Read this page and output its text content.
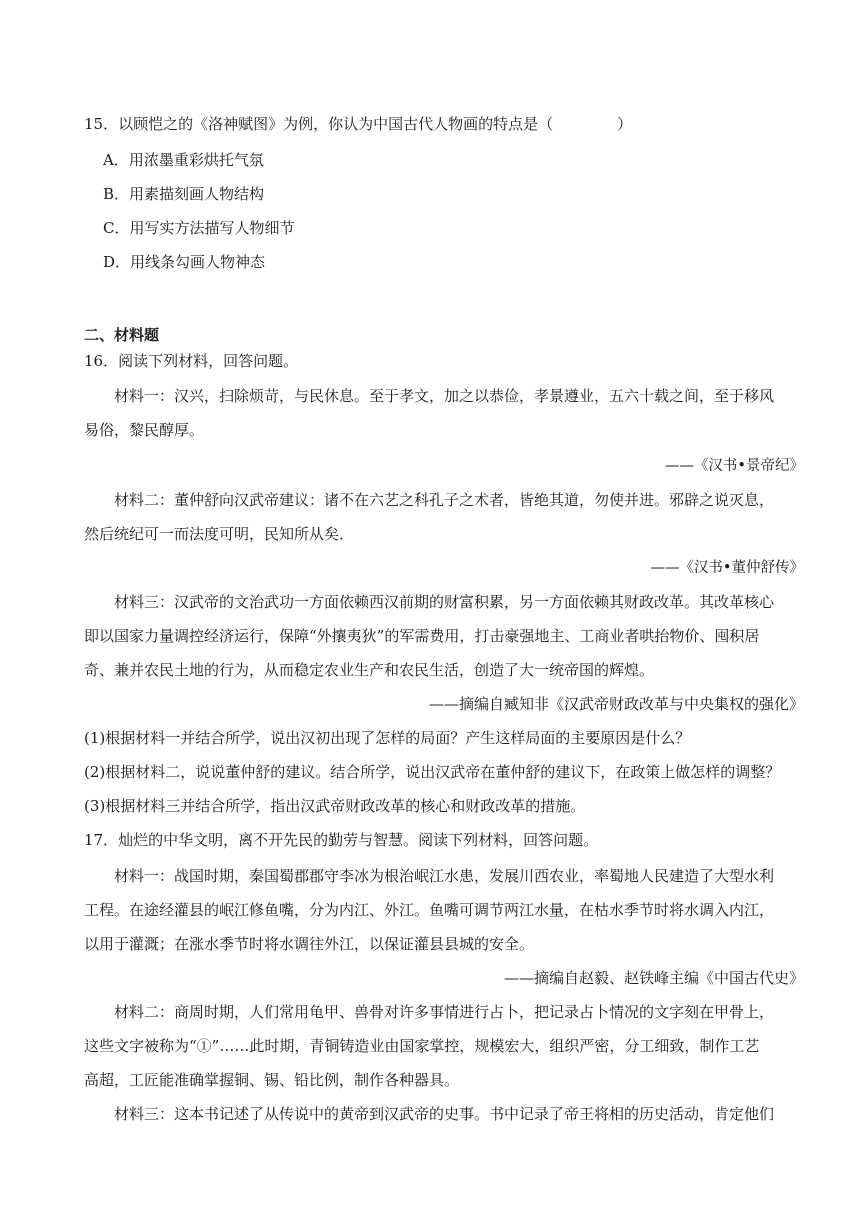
15．以顾恺之的《洛神赋图》为例，你认为中国古代人物画的特点是（	）
A．用浓墨重彩烘托气氛
B．用素描刻画人物结构
C．用写实方法描写人物细节
D．用线条勾画人物神态
二、材料题
16．阅读下列材料，回答问题。
材料一：汉兴，扫除烦苛，与民休息。至于孝文，加之以恭俭，孝景遵业，五六十载之间，至于移风
易俗，黎民醇厚。
——《汉书•景帝纪》
材料二：董仲舒向汉武帝建议：诸不在六艺之科孔子之术者，皆绝其道，勿使并进。邪辟之说灭息，
然后统纪可一而法度可明，民知所从矣．
——《汉书•董仲舒传》
材料三：汉武帝的文治武功一方面依赖西汉前期的财富积累，另一方面依赖其财政改革。其改革核心
即以国家力量调控经济运行，保障“外攘夷狄”的军需费用，打击豪强地主、工商业者哄抬物价、囤积居
奇、兼并农民土地的行为，从而稳定农业生产和农民生活，创造了大一统帝国的辉煌。
——摘编自臧知非《汉武帝财政改革与中央集权的强化》
(1)根据材料一并结合所学，说出汉初出现了怎样的局面？产生这样局面的主要原因是什么？
(2)根据材料二，说说董仲舒的建议。结合所学，说出汉武帝在董仲舒的建议下，在政策上做怎样的调整？
(3)根据材料三并结合所学，指出汉武帝财政改革的核心和财政改革的措施。
17．灿烂的中华文明，离不开先民的勤劳与智慧。阅读下列材料，回答问题。
材料一：战国时期，秦国蜀郡郡守李冰为根治岷江水患，发展川西农业，率蜀地人民建造了大型水利
工程。在途经灌县的岷江修鱼嘴，分为内江、外江。鱼嘴可调节两江水量，在枯水季节时将水调入内江，
以用于灌溉；在涨水季节时将水调往外江，以保证灌县县城的安全。
——摘编自赵毅、赵铁峰主编《中国古代史》
材料二：商周时期，人们常用龟甲、兽骨对许多事情进行占卜，把记录占卜情况的文字刻在甲骨上，
这些文字被称为“①”……此时期，青铜铸造业由国家掌控，规模宏大，组织严密，分工细致，制作工艺
高超，工匠能准确掌握铜、锡、铅比例，制作各种器具。
材料三：这本书记述了从传说中的黄帝到汉武帝的史事。书中记录了帝王将相的历史活动，肯定他们
